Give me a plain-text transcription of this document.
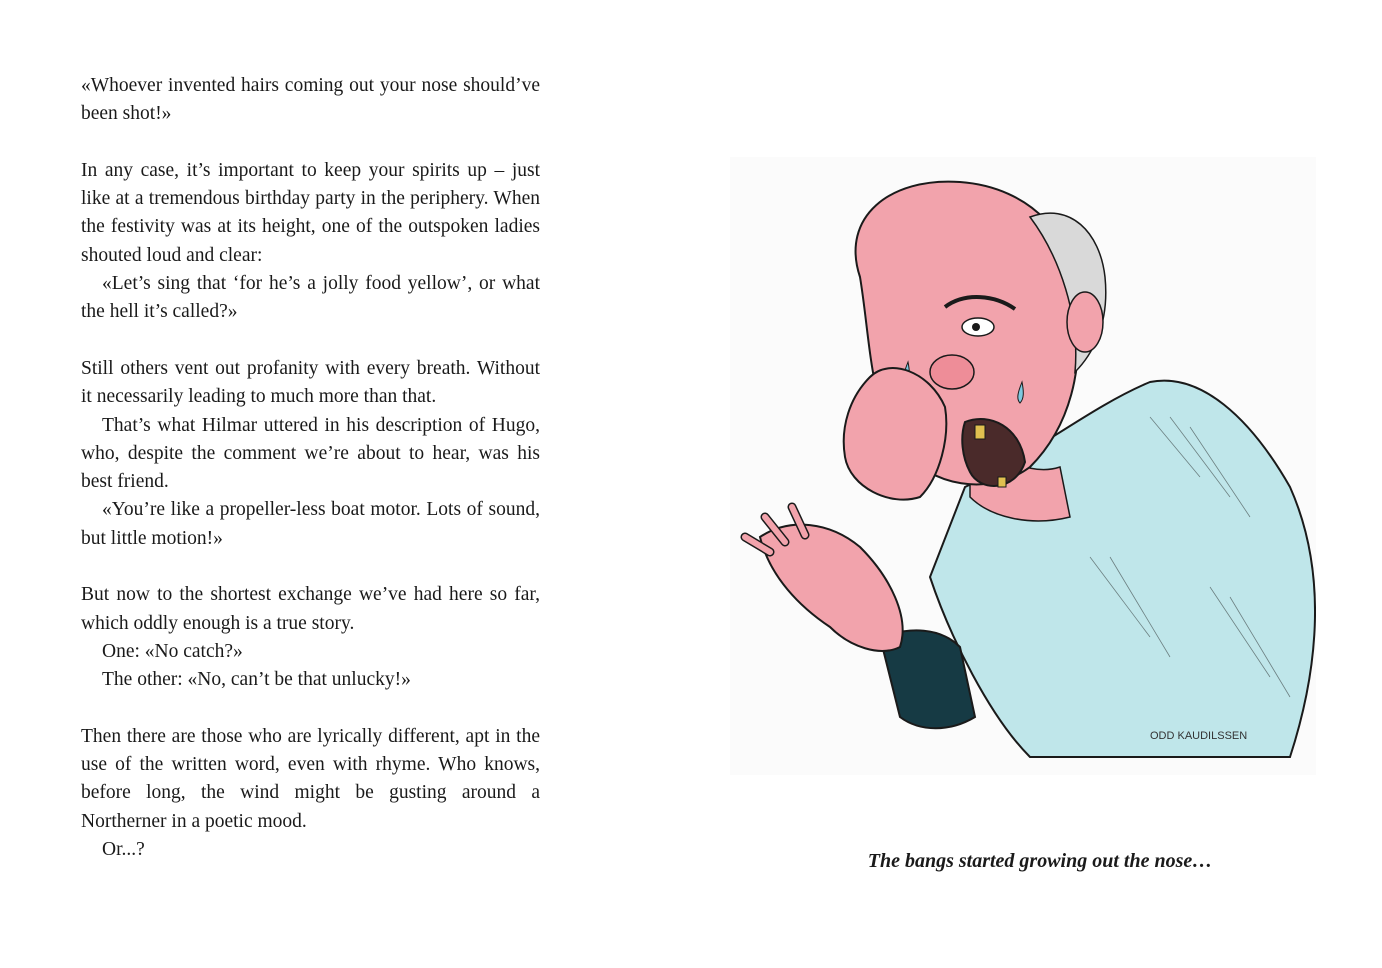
«Whoever invented hairs coming out your nose should’ve been shot!»

In any case, it’s important to keep your spirits up – just like at a tremendous birthday party in the periphery. When the festivity was at its height, one of the outspoken ladies shouted loud and clear:

«Let’s sing that ‘for he’s a jolly food yellow’, or what the hell it’s called?»

Still others vent out profanity with every breath. Without it necessarily leading to much more than that.

That’s what Hilmar uttered in his description of Hugo, who, despite the comment we’re about to hear, was his best friend.

«You’re like a propeller-less boat motor. Lots of sound, but little motion!»

But now to the shortest exchange we’ve had here so far, which oddly enough is a true story.

One: «No catch?»

The other: «No, can’t be that unlucky!»

Then there are those who are lyrically different, apt in the use of the written word, even with rhyme. Who knows, before long, the wind might be gusting around a Northerner in a poetic mood.

Or...?

ODD KAUDILSSEN
The bangs started growing out the nose…
